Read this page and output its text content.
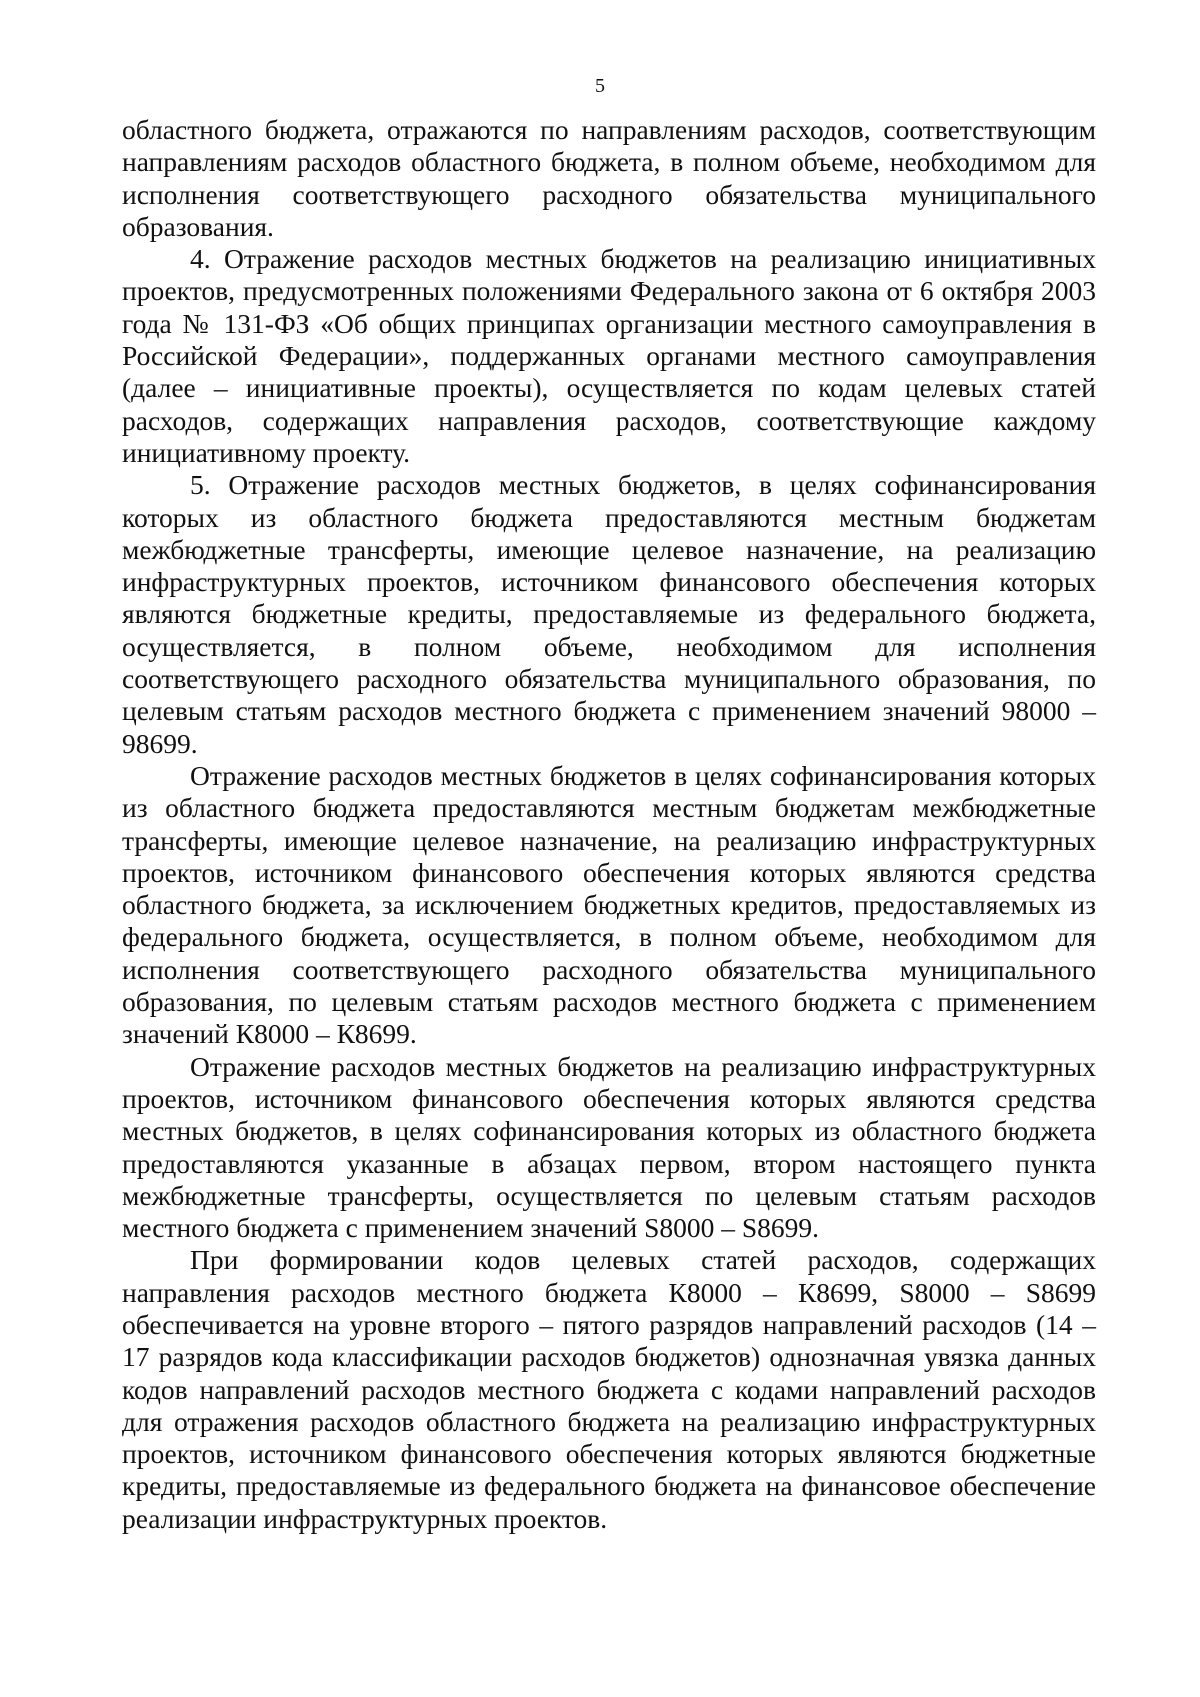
5

областного бюджета, отражаются по направлениям расходов, соответствующим направлениям расходов областного бюджета, в полном объеме, необходимом для исполнения соответствующего расходного обязательства муниципального образования.

4. Отражение расходов местных бюджетов на реализацию инициативных проектов, предусмотренных положениями Федерального закона от 6 октября 2003 года № 131-ФЗ «Об общих принципах организации местного самоуправления в Российской Федерации», поддержанных органами местного самоуправления (далее – инициативные проекты), осуществляется по кодам целевых статей расходов, содержащих направления расходов, соответствующие каждому инициативному проекту.

5. Отражение расходов местных бюджетов, в целях софинансирования которых из областного бюджета предоставляются местным бюджетам межбюджетные трансферты, имеющие целевое назначение, на реализацию инфраструктурных проектов, источником финансового обеспечения которых являются бюджетные кредиты, предоставляемые из федерального бюджета, осуществляется, в полном объеме, необходимом для исполнения соответствующего расходного обязательства муниципального образования, по целевым статьям расходов местного бюджета с применением значений 98000 – 98699.

Отражение расходов местных бюджетов в целях софинансирования которых из областного бюджета предоставляются местным бюджетам межбюджетные трансферты, имеющие целевое назначение, на реализацию инфраструктурных проектов, источником финансового обеспечения которых являются средства областного бюджета, за исключением бюджетных кредитов, предоставляемых из федерального бюджета, осуществляется, в полном объеме, необходимом для исполнения соответствующего расходного обязательства муниципального образования, по целевым статьям расходов местного бюджета с применением значений К8000 – К8699.

Отражение расходов местных бюджетов на реализацию инфраструктурных проектов, источником финансового обеспечения которых являются средства местных бюджетов, в целях софинансирования которых из областного бюджета предоставляются указанные в абзацах первом, втором настоящего пункта межбюджетные трансферты, осуществляется по целевым статьям расходов местного бюджета с применением значений S8000 – S8699.

При формировании кодов целевых статей расходов, содержащих направления расходов местного бюджета К8000 – К8699, S8000 – S8699 обеспечивается на уровне второго – пятого разрядов направлений расходов (14 – 17 разрядов кода классификации расходов бюджетов) однозначная увязка данных кодов направлений расходов местного бюджета с кодами направлений расходов для отражения расходов областного бюджета на реализацию инфраструктурных проектов, источником финансового обеспечения которых являются бюджетные кредиты, предоставляемые из федерального бюджета на финансовое обеспечение реализации инфраструктурных проектов.
